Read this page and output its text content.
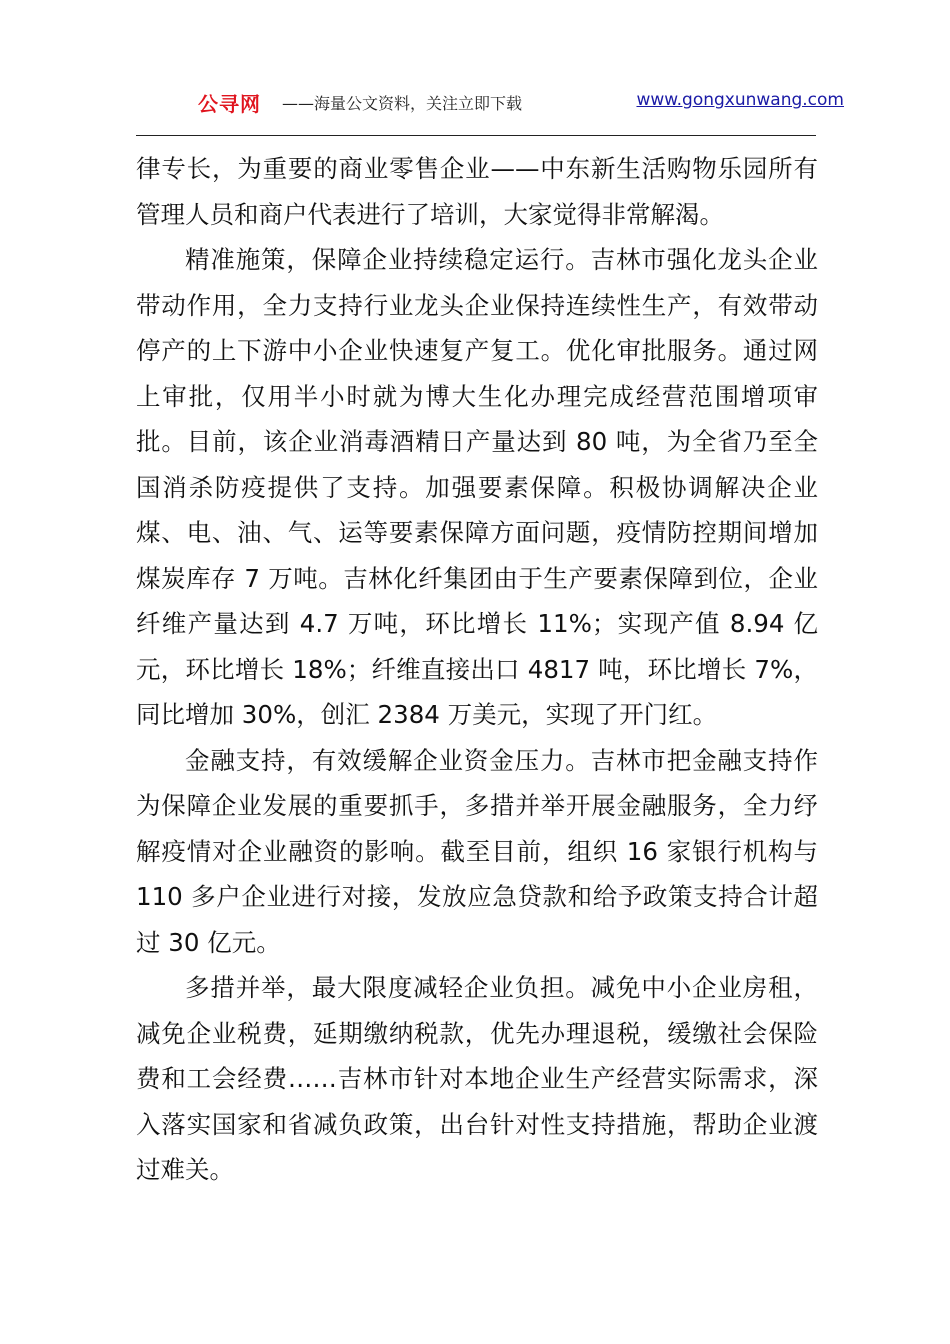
公寻网 ——海量公文资料，关注立即下载	www.gongxunwang.com

律专长，为重要的商业零售企业——中东新生活购物乐园所有管理人员和商户代表进行了培训，大家觉得非常解渴。

精准施策，保障企业持续稳定运行。吉林市强化龙头企业带动作用，全力支持行业龙头企业保持连续性生产，有效带动停产的上下游中小企业快速复产复工。优化审批服务。通过网上审批，仅用半小时就为博大生化办理完成经营范围增项审批。目前，该企业消毒酒精日产量达到 80 吨，为全省乃至全国消杀防疫提供了支持。加强要素保障。积极协调解决企业煤、电、油、气、运等要素保障方面问题，疫情防控期间增加煤炭库存 7 万吨。吉林化纤集团由于生产要素保障到位，企业纤维产量达到 4.7 万吨，环比增长 11%；实现产值 8.94 亿元，环比增长 18%；纤维直接出口 4817 吨，环比增长 7%，同比增加 30%，创汇 2384 万美元，实现了开门红。

金融支持，有效缓解企业资金压力。吉林市把金融支持作为保障企业发展的重要抓手，多措并举开展金融服务，全力纾解疫情对企业融资的影响。截至目前，组织 16 家银行机构与 110 多户企业进行对接，发放应急贷款和给予政策支持合计超过 30 亿元。

多措并举，最大限度减轻企业负担。减免中小企业房租，减免企业税费，延期缴纳税款，优先办理退税，缓缴社会保险费和工会经费……吉林市针对本地企业生产经营实际需求，深入落实国家和省减负政策，出台针对性支持措施，帮助企业渡过难关。
